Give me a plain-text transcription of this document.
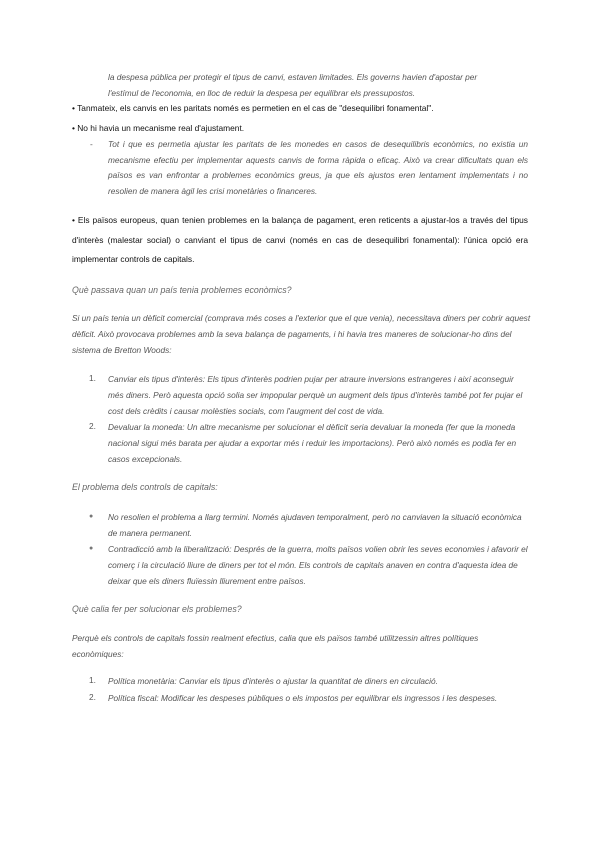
la despesa pública per protegir el tipus de canvi, estaven limitades. Els governs havien d'apostar per

l'estímul de l'economia, en lloc de reduir la despesa per equilibrar els pressupostos.

• Tanmateix, els canvis en les paritats només es permetien en el cas de "desequilibri fonamental".

• No hi havia un mecanisme real d'ajustament.

- Tot i que es permetia ajustar les paritats de les monedes en casos de desequilibris econòmics, no existia un mecanisme efectiu per implementar aquests canvis de forma ràpida o eficaç. Això va crear dificultats quan els països es van enfrontar a problemes econòmics greus, ja que els ajustos eren lentament implementats i no resolien de manera àgil les crisi monetàries o financeres.

• Els països europeus, quan tenien problemes en la balança de pagament, eren reticents a ajustar-los a través del tipus d'interès (malestar social) o canviant el tipus de canvi (només en cas de desequilibri fonamental): l'única opció era implementar controls de capitals.

Què passava quan un país tenia problemes econòmics?

Si un país tenia un dèficit comercial (comprava més coses a l'exterior que el que venia), necessitava diners per cobrir aquest dèficit. Això provocava problemes amb la seva balança de pagaments, i hi havia tres maneres de solucionar-ho dins del sistema de Bretton Woods:

1. Canviar els tipus d'interès: Els tipus d'interès podrien pujar per atraure inversions estrangeres i així aconseguir més diners. Però aquesta opció solia ser impopular perquè un augment dels tipus d'interès també pot fer pujar el cost dels crèdits i causar molèsties socials, com l'augment del cost de vida.

2. Devaluar la moneda: Un altre mecanisme per solucionar el dèficit seria devaluar la moneda (fer que la moneda nacional sigui més barata per ajudar a exportar més i reduir les importacions). Però això només es podia fer en casos excepcionals.

El problema dels controls de capitals:
● No resolien el problema a llarg termini. Només ajudaven temporalment, però no canviaven la situació econòmica de manera permanent.

● Contradicció amb la liberalització: Després de la guerra, molts països volien obrir les seves economies i afavorir el comerç i la circulació lliure de diners per tot el món. Els controls de capitals anaven en contra d'aquesta idea de deixar que els diners fluïessin lliurement entre països.

Què calia fer per solucionar els problemes?

Perquè els controls de capitals fossin realment efectius, calia que els països també utilitzessin altres polítiques econòmiques:

1. Política monetària: Canviar els tipus d'interès o ajustar la quantitat de diners en circulació.

2. Política fiscal: Modificar les despeses públiques o els impostos per equilibrar els ingressos i les despeses.
